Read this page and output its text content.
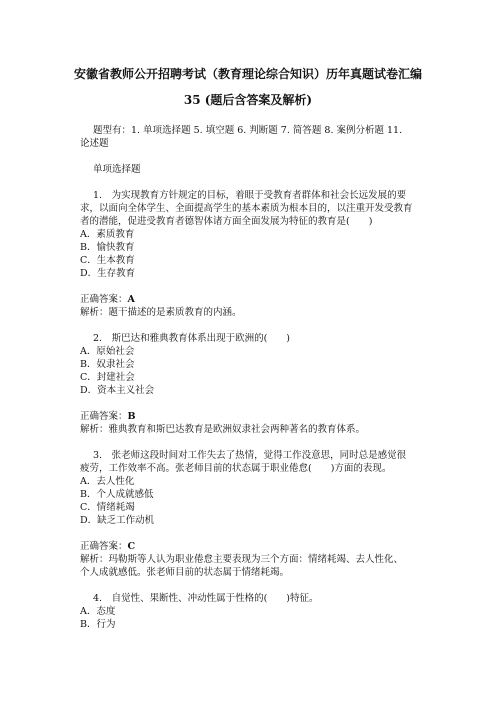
安徽省教师公开招聘考试（教育理论综合知识）历年真题试卷汇编
35 (题后含答案及解析)
题型有：1. 单项选择题 5. 填空题 6. 判断题 7. 简答题 8. 案例分析题 11.
论述题
单项选择题
1.　为实现教育方针规定的目标，着眼于受教育者群体和社会长远发展的要
求，以面向全体学生、全面提高学生的基本素质为根本目的，以注重开发受教育
者的潜能，促进受教育者德智体诸方面全面发展为特征的教育是(　　)
A．素质教育
B．愉快教育
C．生本教育
D．生存教育
正确答案：A
解析：题干描述的是素质教育的内涵。
2.　斯巴达和雅典教育体系出现于欧洲的(　　)
A．原始社会
B．奴隶社会
C．封建社会
D．资本主义社会
正确答案：B
解析：雅典教育和斯巴达教育是欧洲奴隶社会两种著名的教育体系。
3.　张老师这段时间对工作失去了热情，觉得工作没意思，同时总是感觉很
疲劳，工作效率不高。张老师目前的状态属于职业倦怠(　　)方面的表现。
A．去人性化
B．个人成就感低
C．情绪耗竭
D．缺乏工作动机
正确答案：C
解析：玛勒斯等人认为职业倦怠主要表现为三个方面：情绪耗竭、去人性化、
个人成就感低。张老师目前的状态属于情绪耗竭。
4.　自觉性、果断性、冲动性属于性格的(　　)特征。
A．态度
B．行为
